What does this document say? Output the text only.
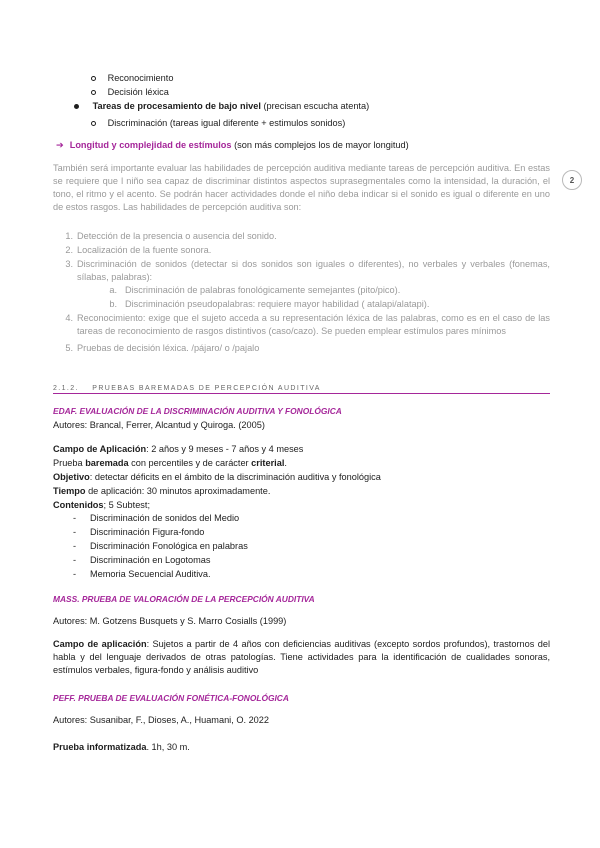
Reconocimiento
Decisión léxica
Tareas de procesamiento de bajo nivel (precisan escucha atenta)
Discriminación (tareas igual diferente + estimulos sonidos)
➔ Longitud y complejidad de estímulos (son más complejos los de mayor longitud)
2
También será importante evaluar las habilidades de percepción auditiva mediante tareas de percepción auditiva. En estas se requiere que l niño sea capaz de discriminar distintos aspectos suprasegmentales como la intensidad, la duración, el tono, el ritmo y el acento. Se podrán hacer actividades donde el niño deba indicar si el sonido es igual o diferente en uno de estos rasgos. Las habilidades de percepción auditiva son:
1. Detección de la presencia o ausencia del sonido.
2. Localización de la fuente sonora.
3. Discriminación de sonidos (detectar si dos sonidos son iguales o diferentes), no verbales y verbales (fonemas, sílabas, palabras):
a. Discriminación de palabras fonológicamente semejantes (pito/pico).
b. Discriminación pseudopalabras: requiere mayor habilidad ( atalapi/alatapi).
4. Reconocimiento: exige que el sujeto acceda a su representación léxica de las palabras, como es en el caso de las tareas de reconocimiento de rasgos distintivos (caso/cazo). Se pueden emplear estímulos pares mínimos
5. Pruebas de decisión léxica. /pájaro/ o /pajalo
2.1.2. PRUEBAS BAREMADAS DE PERCEPCIÓN AUDITIVA
EDAF. EVALUACIÓN DE LA DISCRIMINACIÓN AUDITIVA Y FONOLÓGICA
Autores: Brancal, Ferrer, Alcantud y Quiroga. (2005)
Campo de Aplicación: 2 años y 9 meses - 7 años y 4 meses
Prueba baremada con percentiles y de carácter criterial.
Objetivo: detectar déficits en el ámbito de la discriminación auditiva y fonológica
Tiempo de aplicación: 30 minutos aproximadamente.
Contenidos; 5 Subtest;
- Discriminación de sonidos del Medio
- Discriminación Figura-fondo
- Discriminación Fonológica en palabras
- Discriminación en Logotomas
- Memoria Secuencial Auditiva.
MASS. PRUEBA DE VALORACIÓN DE LA PERCEPCIÓN AUDITIVA
Autores: M. Gotzens Busquets y S. Marro Cosialls (1999)
Campo de aplicación: Sujetos a partir de 4 años con deficiencias auditivas (excepto sordos profundos), trastornos del habla y del lenguaje derivados de otras patologías. Tiene actividades para la identificación de cualidades sonoras, estímulos verbales, figura-fondo y análisis auditivo
PEFF. PRUEBA DE EVALUACIÓN FONÉTICA-FONOLÓGICA
Autores: Susanibar, F., Dioses, A., Huamani, O. 2022
Prueba informatizada. 1h, 30 m.
